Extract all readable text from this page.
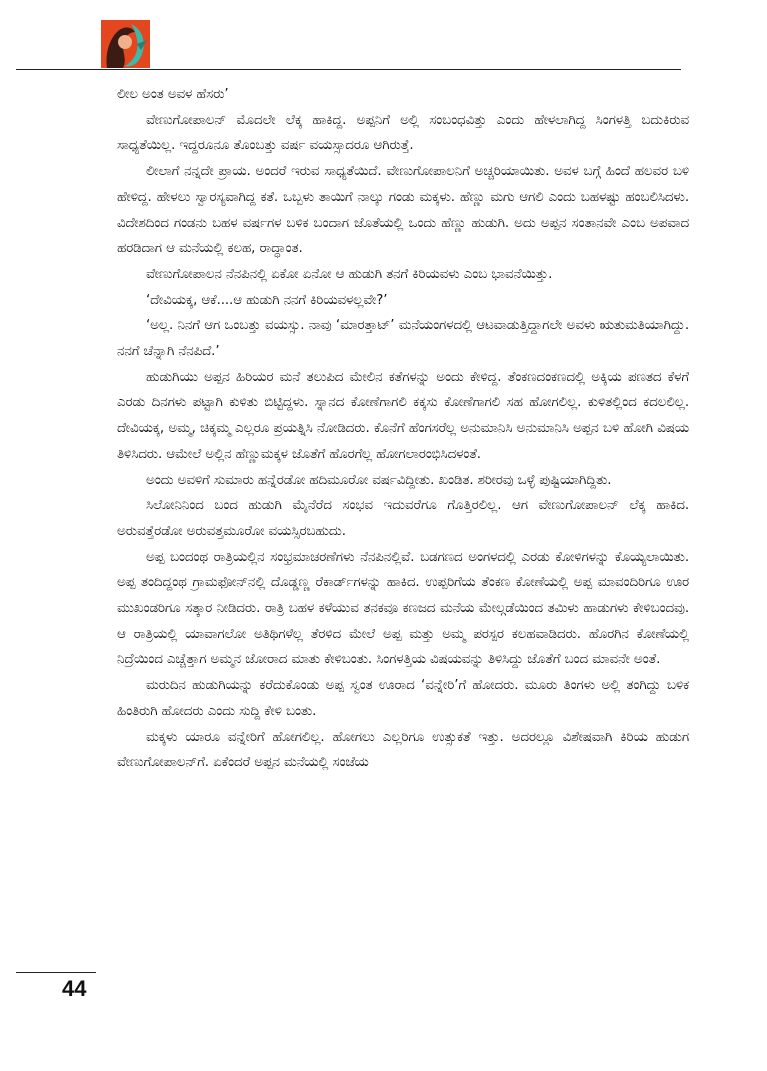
ಲೀಲ ಅಂತ ಅವಳ ಹೆಸರು’

ವೇಣುಗೋಪಾಲನ್ ಮೊದಲೇ ಲೆಕ್ಕ ಹಾಕಿದ್ದ. ಅಪ್ಪನಿಗೆ ಅಲ್ಲಿ ಸಂಬಂಧವಿತ್ತು ಎಂದು ಹೇಳಲಾಗಿದ್ದ ಸಿಂಗಳತ್ತಿ ಬದುಕಿರುವ ಸಾಧ್ಯತೆಯಿಲ್ಲ. ಇದ್ದರೂನೂ ತೊಂಬತ್ತು ವರ್ಷ ವಯಸ್ಸಾದರೂ ಆಗಿರುತ್ತೆ.

ಲೀಲಾಗೆ ನನ್ನದೇ ಪ್ರಾಯ. ಅಂದರೆ ಇರುವ ಸಾಧ್ಯತೆಯಿದೆ. ವೇಣುಗೋಪಾಲನಿಗೆ ಅಚ್ಚರಿಯಾಯಿತು. ಅವಳ ಬಗ್ಗೆ ಹಿಂದೆ ಹಲವರ ಬಳಿ ಹೇಳಿದ್ದ. ಹೇಳಲು ಸ್ವಾರಸ್ಯವಾಗಿದ್ದ ಕತೆ. ಒಬ್ಬಳು ತಾಯಿಗೆ ನಾಲ್ಕು ಗಂಡು ಮಕ್ಕಳು. ಹೆಣ್ಣು ಮಗು ಆಗಲಿ ಎಂದು ಬಹಳಷ್ಟು ಹಂಬಲಿಸಿದಳು. ವಿದೇಶದಿಂದ ಗಂಡನು ಬಹಳ ವರ್ಷಗಳ ಬಳಿಕ ಬಂದಾಗ ಜೊತೆಯಲ್ಲಿ ಒಂದು ಹೆಣ್ಣು ಹುಡುಗಿ. ಅದು ಅಪ್ಪನ ಸಂತಾನವೇ ಎಂಬ ಅಪವಾದ ಹರಡಿದಾಗ ಆ ಮನೆಯಲ್ಲಿ ಕಲಹ, ರಾದ್ಧಾಂತ.

ವೇಣುಗೋಪಾಲನ ನೆನಪಿನಲ್ಲಿ ಏಕೋ ಏನೋ ಆ ಹುಡುಗಿ ತನಗೆ ಕಿರಿಯವಳು ಎಂಬ ಭಾವನೆಯಿತ್ತು.

‘ದೇವಿಯಕ್ಕ, ಆಕೆ....ಆ ಹುಡುಗಿ ನನಗೆ ಕಿರಿಯವಳಲ್ಲವೇ?’

‘ಅಲ್ಲ. ನಿನಗೆ ಆಗ ಒಂಬತ್ತು ವಯಸ್ಸು. ನಾವು ‘ಮಾರತ್ತಾಟ್’ ಮನೆಯಂಗಳದಲ್ಲಿ ಆಟವಾಡುತ್ತಿದ್ದಾಗಲೇ ಅವಳು ಋತುಮತಿಯಾಗಿದ್ದು. ನನಗೆ ಚೆನ್ನಾಗಿ ನೆನಪಿದೆ.’

ಹುಡುಗಿಯು ಅಪ್ಪನ ಹಿರಿಯರ ಮನೆ ತಲುಪಿದ ಮೇಲಿನ ಕತೆಗಳನ್ನು ಅಂದು ಕೇಳಿದ್ದ. ತೆಂಕಣದಂಕಣದಲ್ಲಿ ಅಕ್ಕಿಯ ಪಣತದ ಕೆಳಗೆ ಎರಡು ದಿನಗಳು ಪಟ್ಟಾಗಿ ಕುಳಿತು ಬಿಟ್ಟಿದ್ದಳು. ಸ್ನಾನದ ಕೋಣೆಗಾಗಲಿ ಕಕ್ಕಸು ಕೋಣೆಗಾಗಲಿ ಸಹ ಹೋಗಲಿಲ್ಲ. ಕುಳಿತಲ್ಲಿಂದ ಕದಲಲಿಲ್ಲ. ದೇವಿಯಕ್ಕ, ಅಮ್ಮ, ಚಿಕ್ಕಮ್ಮ ಎಲ್ಲರೂ ಪ್ರಯತ್ನಿಸಿ ನೋಡಿದರು. ಕೊನೆಗೆ ಹೆಂಗಸರೆಲ್ಲ ಅನುಮಾನಿಸಿ ಅನುಮಾನಿಸಿ ಅಪ್ಪನ ಬಳಿ ಹೋಗಿ ವಿಷಯ ತಿಳಿಸಿದರು. ಆಮೇಲೆ ಅಲ್ಲಿನ ಹೆಣ್ಣುಮಕ್ಕಳ ಜೊತೆಗೆ ಹೊರಗೆಲ್ಲ ಹೋಗಲಾರಂಭಿಸಿದಳಂತೆ.

ಅಂದು ಅವಳಿಗೆ ಸುಮಾರು ಹನ್ನೆರಡೋ ಹದಿಮೂರೋ ವರ್ಷವಿದ್ದೀತು. ಖಂಡಿತ. ಶರೀರವು ಒಳ್ಳೆ ಪುಷ್ಟಿಯಾಗಿದ್ದಿತು.

ಸಿಲೋನಿನಿಂದ ಬಂದ ಹುಡುಗಿ ಮೈನೆರೆದ ಸಂಭವ ಇದುವರೆಗೂ ಗೊತ್ತಿರಲಿಲ್ಲ. ಆಗ ವೇಣುಗೋಪಾಲನ್ ಲೆಕ್ಕ ಹಾಕಿದ. ಅರುವತ್ತೆರಡೋ ಅರುವತ್ತಮೂರೋ ವಯಸ್ಸಿರಬಹುದು.

ಅಪ್ಪ ಬಂದಂಥ ರಾತ್ರಿಯಲ್ಲಿನ ಸಂಭ್ರಮಾಚರಣೆಗಳು ನೆನಪಿನಲ್ಲಿವೆ. ಬಡಗಣದ ಅಂಗಳದಲ್ಲಿ ಎರಡು ಕೋಳಿಗಳನ್ನು ಕೊಯ್ಯಲಾಯಿತು. ಅಪ್ಪ ತಂದಿದ್ದಂಥ ಗ್ರಾಮಫೋನ್‌ನಲ್ಲಿ ದೊಡ್ಡಣ್ಣ ರೆಕಾರ್ಡ್‌ಗಳನ್ನು ಹಾಕಿದ. ಉಪ್ಪರಿಗೆಯ ತೆಂಕಣ ಕೋಣೆಯಲ್ಲಿ ಅಪ್ಪ ಮಾವಂದಿರಿಗೂ ಊರ ಮುಖಂಡರಿಗೂ ಸತ್ಕಾರ ನೀಡಿದರು. ರಾತ್ರಿ ಬಹಳ ಕಳೆಯುವ ತನಕವೂ ಕಣಜದ ಮನೆಯ ಮೇಲ್ಗಡೆಯಿಂದ ತಮಿಳು ಹಾಡುಗಳು ಕೇಳಿಬಂದವು. ಆ ರಾತ್ರಿಯಲ್ಲಿ ಯಾವಾಗಲೋ ಅತಿಥಿಗಳೆಲ್ಲ ತೆರಳಿದ ಮೇಲೆ ಅಪ್ಪ ಮತ್ತು ಅಮ್ಮ ಪರಸ್ಪರ ಕಲಹವಾಡಿದರು. ಹೊರಗಿನ ಕೋಣೆಯಲ್ಲಿ ನಿದ್ರೆಯಿಂದ ಎಚ್ಚೆತ್ತಾಗ ಅಮ್ಮನ ಜೋರಾದ ಮಾತು ಕೇಳಿಬಂತು. ಸಿಂಗಳತ್ತಿಯ ವಿಷಯವನ್ನು ತಿಳಿಸಿದ್ದು ಜೊತೆಗೆ ಬಂದ ಮಾವನೇ ಅಂತೆ.

ಮರುದಿನ ಹುಡುಗಿಯನ್ನು ಕರೆದುಕೊಂಡು ಅಪ್ಪ ಸ್ವಂತ ಊರಾದ ‘ವನ್ನೇರಿ’ಗೆ ಹೋದರು. ಮೂರು ತಿಂಗಳು ಅಲ್ಲಿ ತಂಗಿದ್ದು ಬಳಿಕ ಹಿಂತಿರುಗಿ ಹೋದರು ಎಂದು ಸುದ್ದಿ ಕೇಳಿ ಬಂತು.

ಮಕ್ಕಳು ಯಾರೂ ವನ್ನೇರಿಗೆ ಹೋಗಲಿಲ್ಲ. ಹೋಗಲು ಎಲ್ಲರಿಗೂ ಉತ್ಸುಕತೆ ಇತ್ತು. ಅದರಲ್ಲೂ ವಿಶೇಷವಾಗಿ ಕಿರಿಯ ಹುಡುಗ ವೇಣುಗೋಪಾಲನ್‌ಗೆ. ಏಕೆಂದರೆ ಅಪ್ಪನ ಮನೆಯಲ್ಲಿ ಸಂಜೆಯ

44
